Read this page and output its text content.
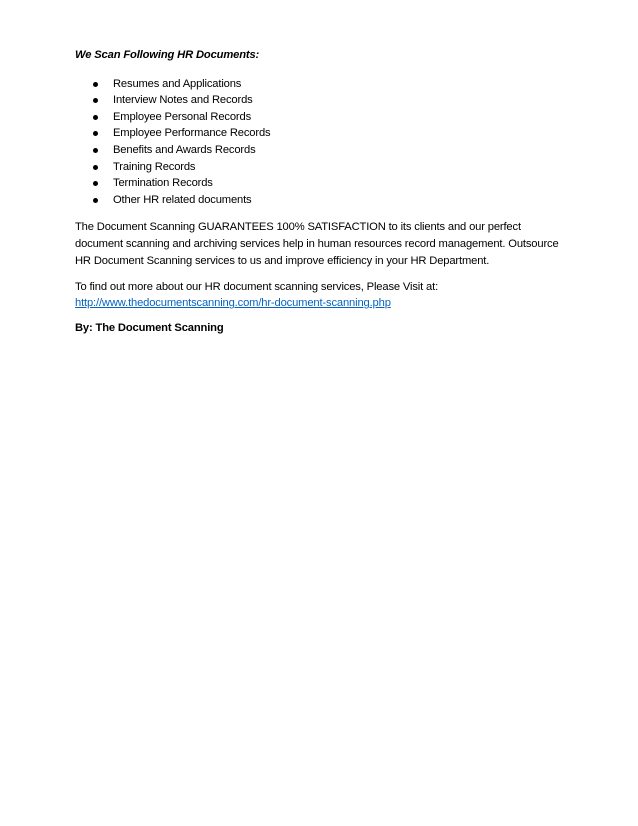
We Scan Following HR Documents:
Resumes and Applications
Interview Notes and Records
Employee Personal Records
Employee Performance Records
Benefits and Awards Records
Training Records
Termination Records
Other HR related documents

The Document Scanning GUARANTEES 100% SATISFACTION to its clients and our perfect document scanning and archiving services help in human resources record management. Outsource HR Document Scanning services to us and improve efficiency in your HR Department.

To find out more about our HR document scanning services, Please Visit at:
http://www.thedocumentscanning.com/hr-document-scanning.php

By: The Document Scanning
